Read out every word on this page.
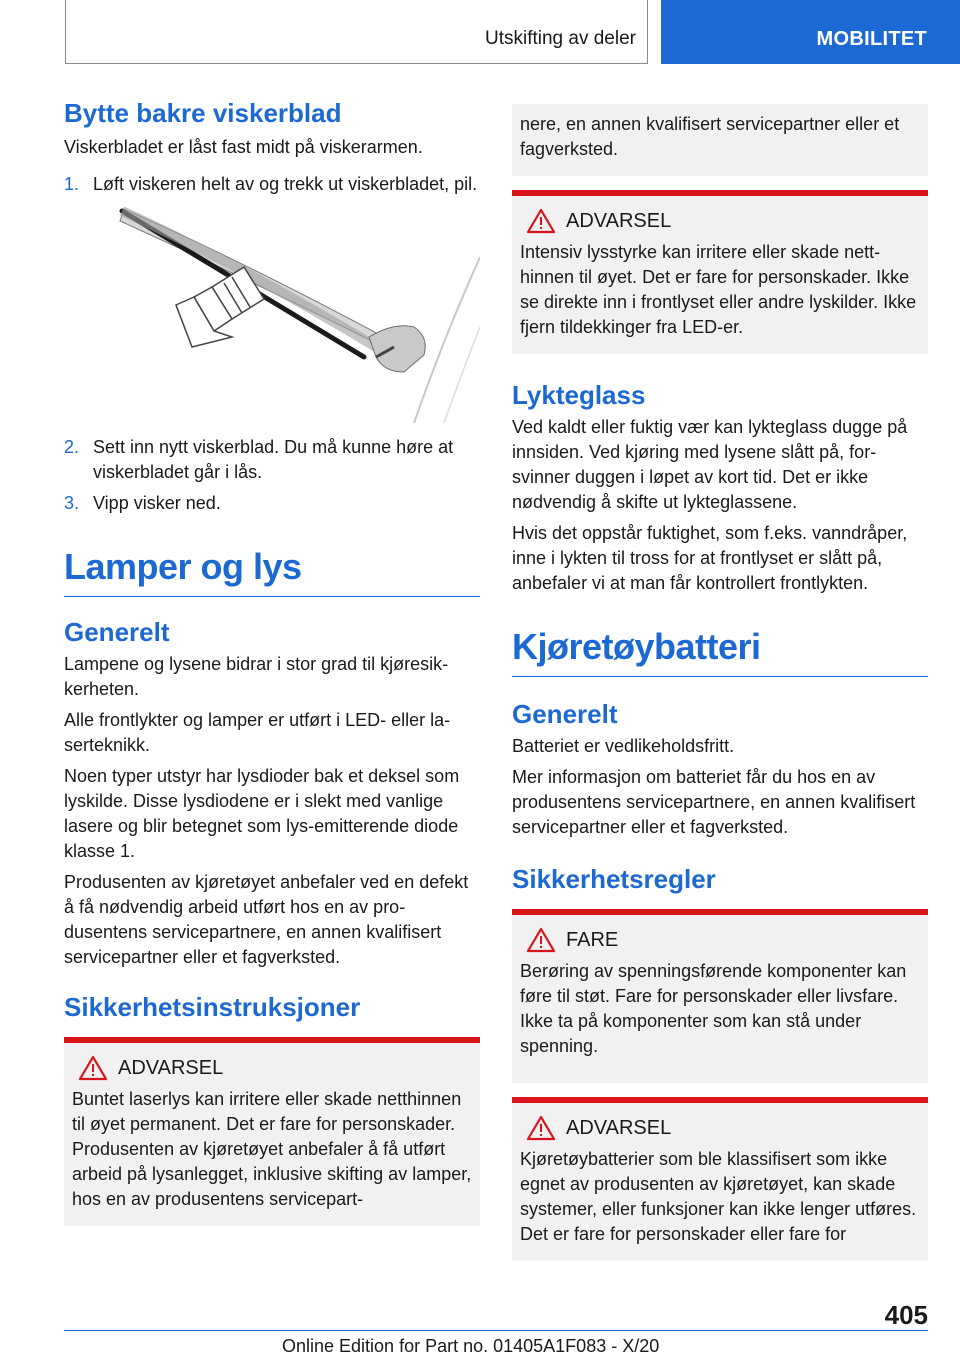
Utskifting av deler	MOBILITET
Bytte bakre viskerblad

Viskerbladet er låst fast midt på viskerarmen.

1. Løft viskeren helt av og trekk ut viskerbladet, pil.
2. Sett inn nytt viskerblad. Du må kunne høre at viskerbladet går i lås.
3. Vipp visker ned.
Lamper og lys
Generelt

Lampene og lysene bidrar i stor grad til kjøresikkerheten.

Alle frontlykter og lamper er utført i LED- eller laserteknikk.

Noen typer utstyr har lysdioder bak et deksel som lyskilde. Disse lysdiodene er i slekt med vanlige lasere og blir betegnet som lys-emitterende diode klasse 1.

Produsenten av kjøretøyet anbefaler ved en defekt å få nødvendig arbeid utført hos en av produsentens servicepartnere, en annen kvalifisert servicepartner eller et fagverksted.

Sikkerhetsinstruksjoner
ADVARSEL

Buntet laserlys kan irritere eller skade netthinnen til øyet permanent. Det er fare for personskader. Produsenten av kjøretøyet anbefaler å få utført arbeid på lysanlegget, inklusive skifting av lamper, hos en av produsentens servicepart-

nere, en annen kvalifisert servicepartner eller et fagverksted.

ADVARSEL

Intensiv lysstyrke kan irritere eller skade netthinnen til øyet. Det er fare for personskader. Ikke se direkte inn i frontlyset eller andre lyskilder. Ikke fjern tildekkinger fra LED-er.

Lykteglass

Ved kaldt eller fuktig vær kan lykteglass dugge på innsiden. Ved kjøring med lysene slått på, forsvinner duggen i løpet av kort tid. Det er ikke nødvendig å skifte ut lykteglassene.

Hvis det oppstår fuktighet, som f.eks. vanndråper, inne i lykten til tross for at frontlyset er slått på, anbefaler vi at man får kontrollert frontlykten.

Kjøretøybatteri
Generelt

Batteriet er vedlikeholdsfritt.

Mer informasjon om batteriet får du hos en av produsentens servicepartnere, en annen kvalifisert servicepartner eller et fagverksted.

Sikkerhetsregler
FARE

Berøring av spenningsførende komponenter kan føre til støt. Fare for personskader eller livsfare. Ikke ta på komponenter som kan stå under spenning.

ADVARSEL

Kjøretøybatterier som ble klassifisert som ikke egnet av produsenten av kjøretøyet, kan skade systemer, eller funksjoner kan ikke lenger utføres. Det er fare for personskader eller fare for

405
Online Edition for Part no. 01405A1F083 - X/20
